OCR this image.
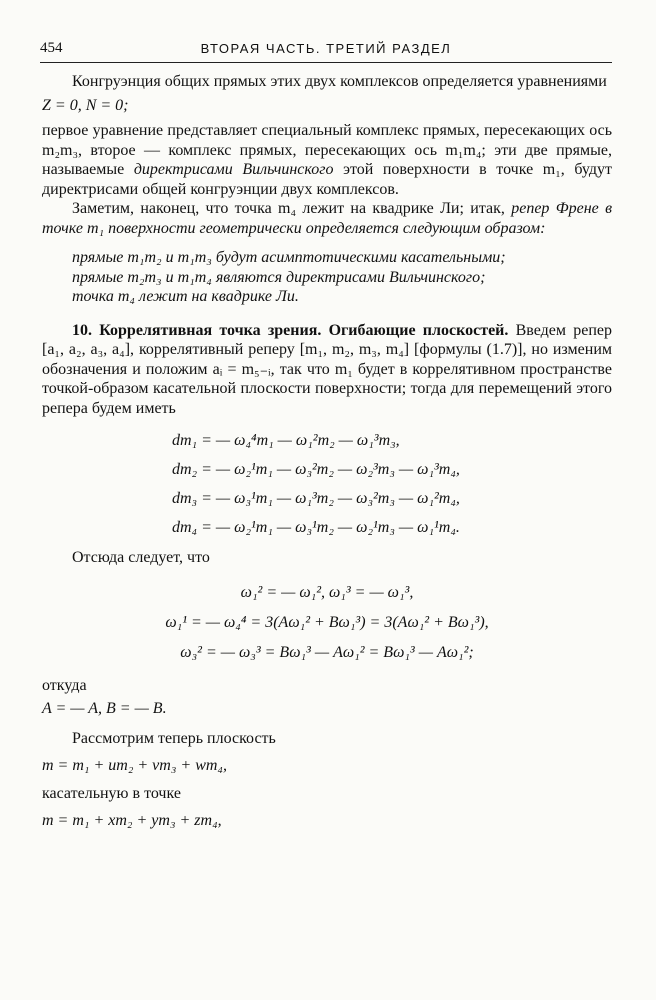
454	ВТОРАЯ ЧАСТЬ. ТРЕТИЙ РАЗДЕЛ

Конгруэнция общих прямых этих двух комплексов определяется уравнениями

Z = 0, N = 0;

первое уравнение представляет специальный комплекс прямых, пересекающих ось m₂m₃, второе — комплекс прямых, пересекающих ось m₁m₄; эти две прямые, называемые директрисами Вильчинского этой поверхности в точке m₁, будут директрисами общей конгруэнции двух комплексов.

Заметим, наконец, что точка m₄ лежит на квадрике Ли; итак, репер Френе в точке m₁ поверхности геометрически определяется следующим образом:

прямые m₁m₂ и m₁m₃ будут асимптотическими касательными;

прямые m₂m₃ и m₁m₄ являются директрисами Вильчинского;

точка m₄ лежит на квадрике Ли.

10. Коррелятивная точка зрения. Огибающие плоскостей. Введем репер [a₁, a₂, a₃, a₄], коррелятивный реперу [m₁, m₂, m₃, m₄] [формулы (1.7)], но изменим обозначения и положим aᵢ = m₅₋ᵢ, так что m₁ будет в коррелятивном пространстве точкой-образом касательной плоскости поверхности; тогда для перемещений этого репера будем иметь

dm₁ = — ω₄⁴m₁ — ω₁²m₂ — ω₁³m₃,
dm₂ = — ω₂¹m₁ — ω₃²m₂ — ω₂³m₃ — ω₁³m₄,
dm₃ = — ω₃¹m₁ — ω₁³m₂ — ω₃²m₃ — ω₁²m₄,
dm₄ = — ω₂¹m₁ — ω₃¹m₂ — ω₂¹m₃ — ω₁¹m₄.

Отсюда следует, что

ω₁² = — ω₁², ω₁³ = — ω₁³,
ω₁¹ = — ω₄⁴ = 3(Aω₁² + Bω₁³) = 3(Aω₁² + Bω₁³),
ω₃² = — ω₃³ = Bω₁³ — Aω₁² = Bω₁³ — Aω₁²;

откуда

A = — A, B = — B.

Рассмотрим теперь плоскость

m = m₁ + um₂ + vm₃ + wm₄,

касательную в точке

m = m₁ + xm₂ + ym₃ + zm₄,
